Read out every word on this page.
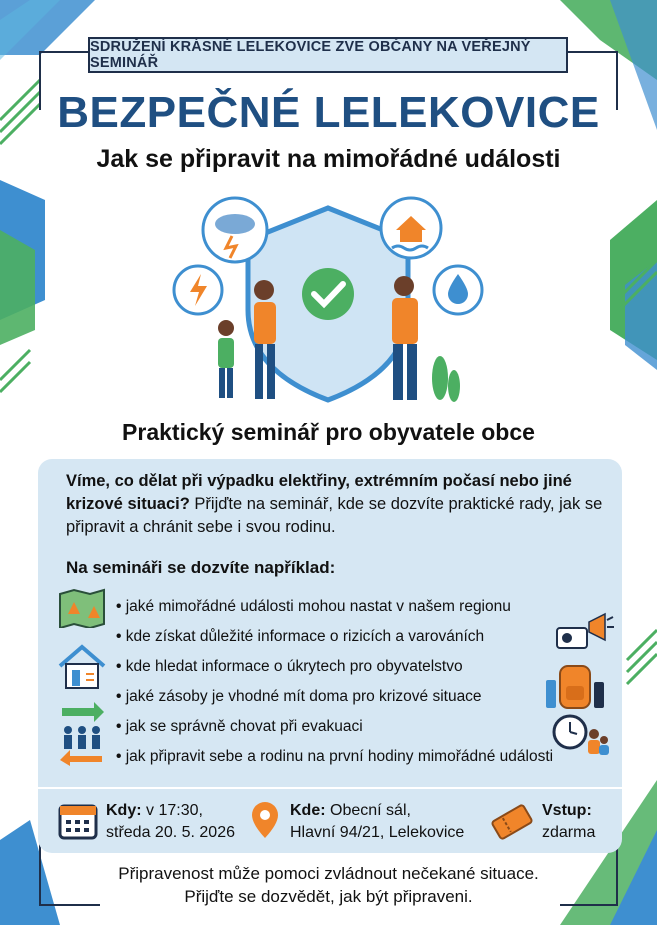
SDRUŽENÍ KRÁSNÉ LELEKOVICE ZVE OBČANY NA VEŘEJNÝ SEMINÁŘ
BEZPEČNÉ LELEKOVICE
Jak se připravit na mimořádné události
Praktický seminář pro obyvatele obce
Víme, co dělat při výpadku elektřiny, extrémním počasí nebo jiné krizové situaci? Přijďte na seminář, kde se dozvíte praktické rady, jak se připravit a chránit sebe i svou rodinu.
Na semináři se dozvíte například:
• jaké mimořádné události mohou nastat v našem regionu
• kde získat důležité informace o rizicích a varováních
• kde hledat informace o úkrytech pro obyvatelstvo
• jaké zásoby je vhodné mít doma pro krizové situace
• jak se správně chovat při evakuaci
• jak připravit sebe a rodinu na první hodiny mimořádné události
Kdy: v 17:30,
středa 20. 5. 2026
Kde: Obecní sál,
Hlavní 94/21, Lelekovice
Vstup:
zdarma
Připravenost může pomoci zvládnout nečekané situace.
Přijďte se dozvědět, jak být připraveni.
